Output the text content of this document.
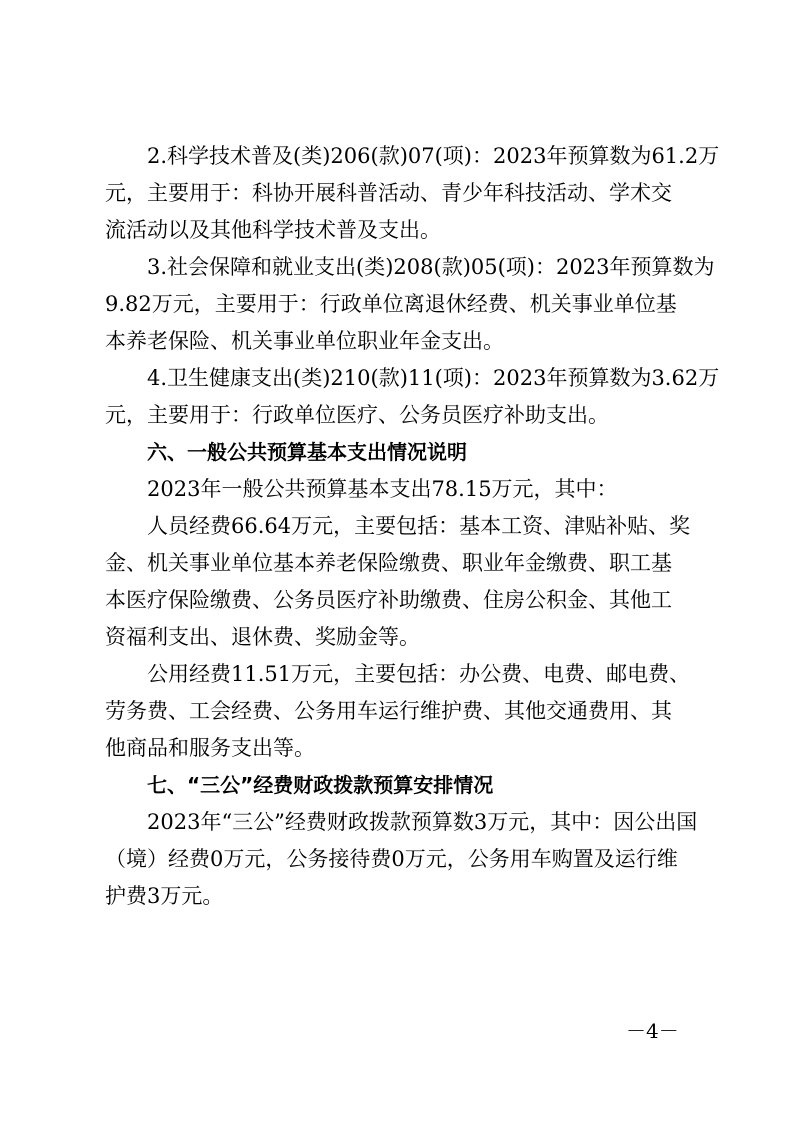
2.科学技术普及(类)206(款)07(项)：2023年预算数为61.2万
元，主要用于：科协开展科普活动、青少年科技活动、学术交
流活动以及其他科学技术普及支出。

3.社会保障和就业支出(类)208(款)05(项)：2023年预算数为
9.82万元，主要用于：行政单位离退休经费、机关事业单位基
本养老保险、机关事业单位职业年金支出。

4.卫生健康支出(类)210(款)11(项)：2023年预算数为3.62万
元，主要用于：行政单位医疗、公务员医疗补助支出。

六、一般公共预算基本支出情况说明

2023年一般公共预算基本支出78.15万元，其中：

人员经费66.64万元，主要包括：基本工资、津贴补贴、奖
金、机关事业单位基本养老保险缴费、职业年金缴费、职工基
本医疗保险缴费、公务员医疗补助缴费、住房公积金、其他工
资福利支出、退休费、奖励金等。

公用经费11.51万元，主要包括：办公费、电费、邮电费、
劳务费、工会经费、公务用车运行维护费、其他交通费用、其
他商品和服务支出等。

七、“三公”经费财政拨款预算安排情况

2023年“三公”经费财政拨款预算数3万元，其中：因公出国
（境）经费0万元，公务接待费0万元，公务用车购置及运行维
护费3万元。

－4－
